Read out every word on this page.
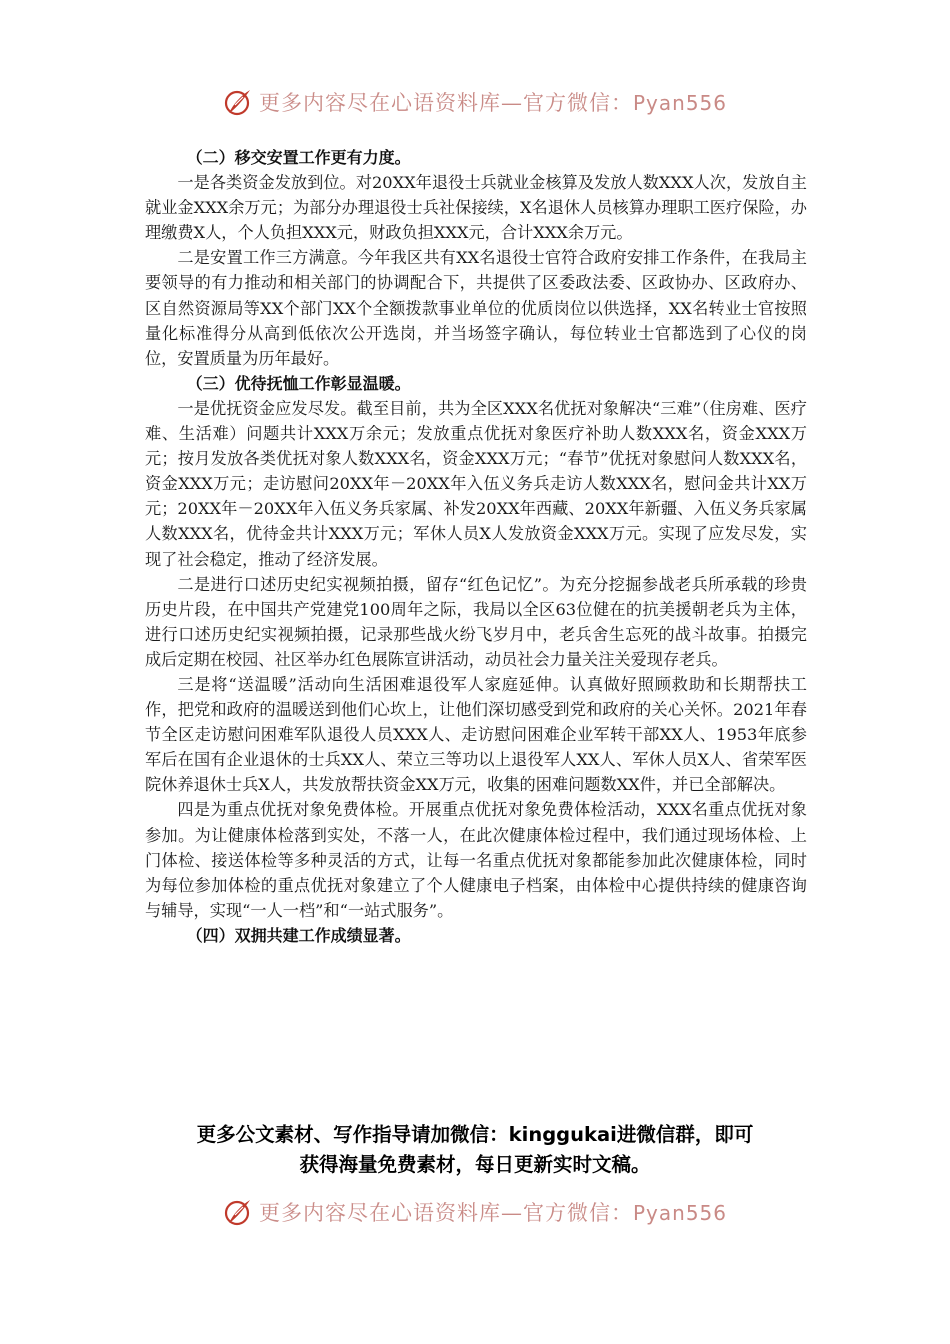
更多内容尽在心语资料库—官方微信：Pyan556

（二）移交安置工作更有力度。

一是各类资金发放到位。对20XX年退役士兵就业金核算及发放人数XXX人次，发放自主就业金XXX余万元；为部分办理退役士兵社保接续，X名退休人员核算办理职工医疗保险，办理缴费X人，个人负担XXX元，财政负担XXX元，合计XXX余万元。

二是安置工作三方满意。今年我区共有XX名退役士官符合政府安排工作条件，在我局主要领导的有力推动和相关部门的协调配合下，共提供了区委政法委、区政协办、区政府办、区自然资源局等XX个部门XX个全额拨款事业单位的优质岗位以供选择，XX名转业士官按照量化标准得分从高到低依次公开选岗，并当场签字确认，每位转业士官都选到了心仪的岗位，安置质量为历年最好。

（三）优待抚恤工作彰显温暖。

一是优抚资金应发尽发。截至目前，共为全区XXX名优抚对象解决“三难”（住房难、医疗难、生活难）问题共计XXX万余元；发放重点优抚对象医疗补助人数XXX名，资金XXX万元；按月发放各类优抚对象人数XXX名，资金XXX万元；“春节”优抚对象慰问人数XXX名，资金XXX万元；走访慰问20XX年－20XX年入伍义务兵走访人数XXX名，慰问金共计XX万元；20XX年－20XX年入伍义务兵家属、补发20XX年西藏、20XX年新疆、入伍义务兵家属人数XXX名，优待金共计XXX万元；军休人员X人发放资金XXX万元。实现了应发尽发，实现了社会稳定，推动了经济发展。

二是进行口述历史纪实视频拍摄，留存“红色记忆”。为充分挖掘参战老兵所承载的珍贵历史片段，在中国共产党建党100周年之际，我局以全区63位健在的抗美援朝老兵为主体，进行口述历史纪实视频拍摄，记录那些战火纷飞岁月中，老兵舍生忘死的战斗故事。拍摄完成后定期在校园、社区举办红色展陈宣讲活动，动员社会力量关注关爱现存老兵。

三是将“送温暖”活动向生活困难退役军人家庭延伸。认真做好照顾救助和长期帮扶工作，把党和政府的温暖送到他们心坎上，让他们深切感受到党和政府的关心关怀。2021年春节全区走访慰问困难军队退役人员XXX人、走访慰问困难企业军转干部XX人、1953年底参军后在国有企业退休的士兵XX人、荣立三等功以上退役军人XX人、军休人员X人、省荣军医院休养退休士兵X人，共发放帮扶资金XX万元，收集的困难问题数XX件，并已全部解决。

四是为重点优抚对象免费体检。开展重点优抚对象免费体检活动，XXX名重点优抚对象参加。为让健康体检落到实处，不落一人，在此次健康体检过程中，我们通过现场体检、上门体检、接送体检等多种灵活的方式，让每一名重点优抚对象都能参加此次健康体检，同时为每位参加体检的重点优抚对象建立了个人健康电子档案，由体检中心提供持续的健康咨询与辅导，实现“一人一档”和“一站式服务”。

（四）双拥共建工作成绩显著。

更多公文素材、写作指导请加微信：kinggukai进微信群，即可
获得海量免费素材，每日更新实时文稿。
更多内容尽在心语资料库—官方微信：Pyan556
